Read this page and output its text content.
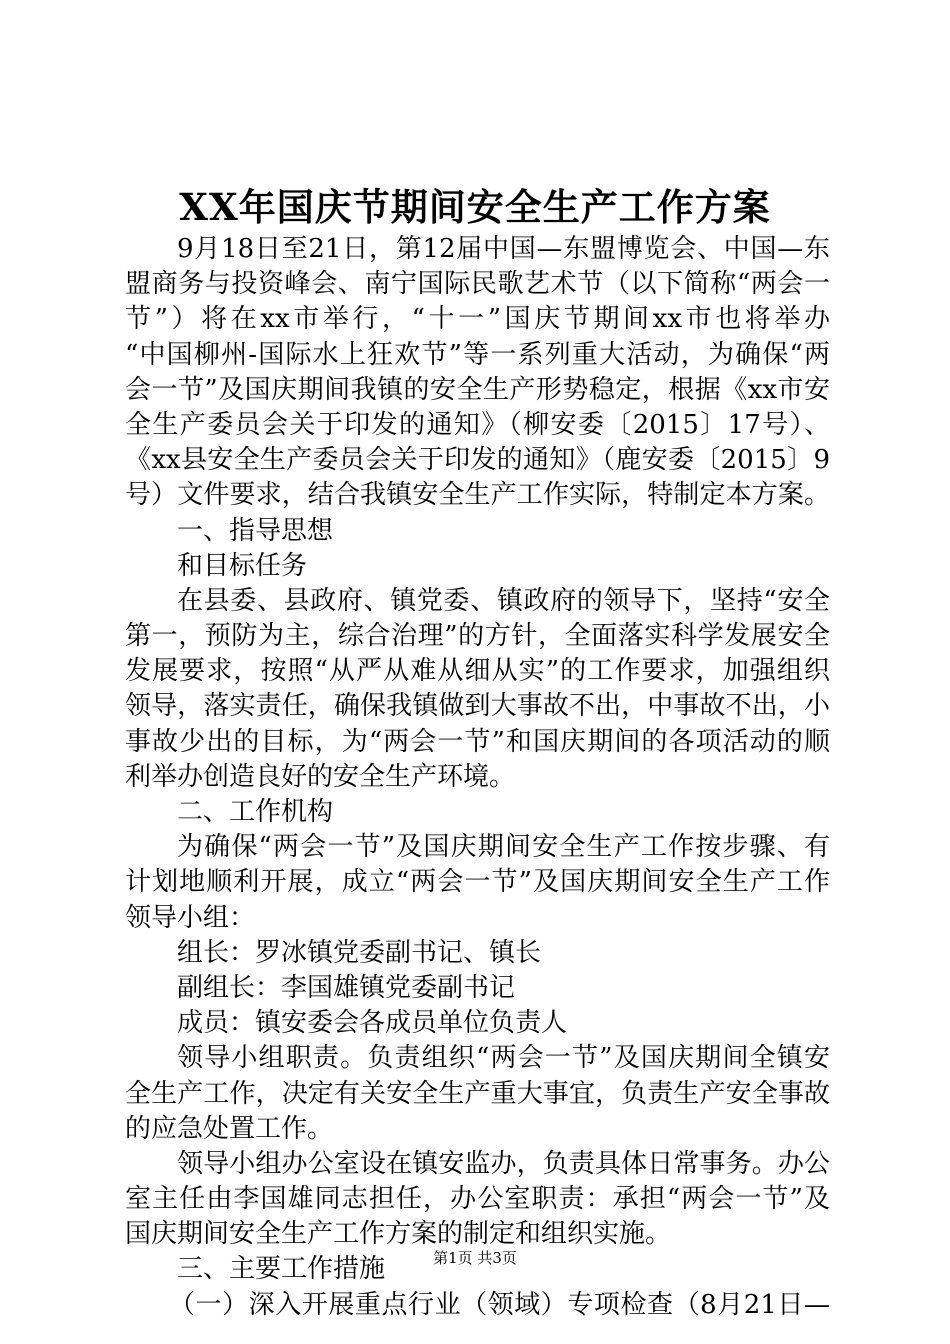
XX年国庆节期间安全生产工作方案
9月18日至21日，第12届中国—东盟博览会、中国—东
盟商务与投资峰会、南宁国际民歌艺术节（以下简称“两会一
节”）将在xx市举行，“十一”国庆节期间xx市也将举办
“中国柳州-国际水上狂欢节”等一系列重大活动，为确保“两
会一节”及国庆期间我镇的安全生产形势稳定，根据《xx市安
全生产委员会关于印发的通知》（柳安委〔2015〕17号）、
《xx县安全生产委员会关于印发的通知》（鹿安委〔2015〕9
号）文件要求，结合我镇安全生产工作实际，特制定本方案。
一、指导思想
和目标任务
在县委、县政府、镇党委、镇政府的领导下，坚持“安全
第一，预防为主，综合治理”的方针，全面落实科学发展安全
发展要求，按照“从严从难从细从实”的工作要求，加强组织
领导，落实责任，确保我镇做到大事故不出，中事故不出，小
事故少出的目标，为“两会一节”和国庆期间的各项活动的顺
利举办创造良好的安全生产环境。
二、工作机构
为确保“两会一节”及国庆期间安全生产工作按步骤、有
计划地顺利开展，成立“两会一节”及国庆期间安全生产工作
领导小组：
组长：罗冰镇党委副书记、镇长
副组长：李国雄镇党委副书记
成员：镇安委会各成员单位负责人
领导小组职责。负责组织“两会一节”及国庆期间全镇安
全生产工作，决定有关安全生产重大事宜，负责生产安全事故
的应急处置工作。
领导小组办公室设在镇安监办，负责具体日常事务。办公
室主任由李国雄同志担任，办公室职责：承担“两会一节”及
国庆期间安全生产工作方案的制定和组织实施。
三、主要工作措施
（一）深入开展重点行业（领域）专项检查（8月21日—
第1页 共3页
